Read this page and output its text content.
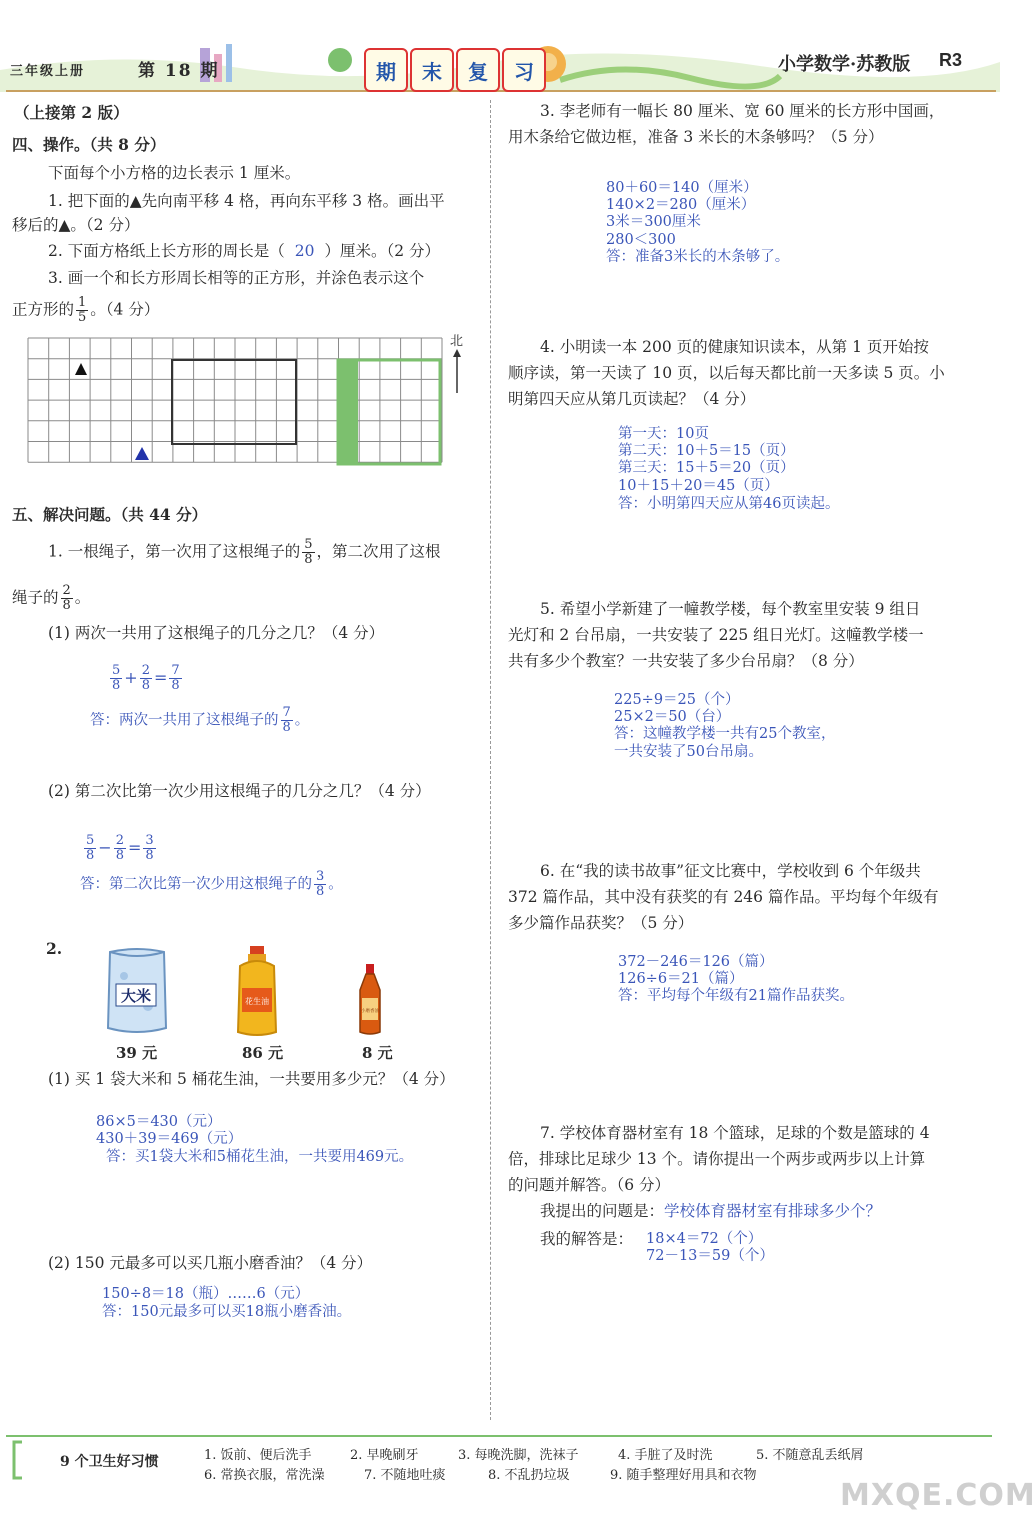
三年级上册	第 18 期	期	末	复	习	小学数学·苏教版 R3
（上接第 2 版）
四、操作。（共 8 分）
下面每个小方格的边长表示 1 厘米。
1. 把下面的▲先向南平移 4 格，再向东平移 3 格。画出平
移后的▲。（2 分）
2. 下面方格纸上长方形的周长是（ 20 ）厘米。（2 分）
3. 画一个和长方形周长相等的正方形，并涂色表示这个
正方形的 $\frac{1}{5}$ 。（4 分）
北
五、解决问题。（共 44 分）
1. 一根绳子，第一次用了这根绳子的 $\frac{5}{8}$ ，第二次用了这根
绳子的 $\frac{2}{8}$ 。
(1) 两次一共用了这根绳子的几分之几？（4 分）
$\frac{5}{8} + \frac{2}{8} = \frac{7}{8}$
答：两次一共用了这根绳子的 $\frac{7}{8}$ 。
(2) 第二次比第一次少用这根绳子的几分之几？（4 分）
$\frac{5}{8} - \frac{2}{8} = \frac{3}{8}$
答：第二次比第一次少用这根绳子的 $\frac{3}{8}$ 。
2.
大米	花生油
小磨香油
39 元	86 元	8 元
(1) 买 1 袋大米和 5 桶花生油，一共要用多少元？（4 分）
86×5＝430（元）
430＋39＝469（元）
答：买1袋大米和5桶花生油，一共要用469元。
(2) 150 元最多可以买几瓶小磨香油？（4 分）
150÷8＝18（瓶）……6（元）
答：150元最多可以买18瓶小磨香油。
3. 李老师有一幅长 80 厘米、宽 60 厘米的长方形中国画，
用木条给它做边框，准备 3 米长的木条够吗？（5 分）
80＋60＝140（厘米）
140×2＝280（厘米）
3米＝300厘米
280＜300
答：准备3米长的木条够了。
4. 小明读一本 200 页的健康知识读本，从第 1 页开始按
顺序读，第一天读了 10 页，以后每天都比前一天多读 5 页。小
明第四天应从第几页读起？（4 分）
第一天：10页
第二天：10＋5＝15（页）
第三天：15＋5＝20（页）
10＋15＋20＝45（页）
答：小明第四天应从第46页读起。
5. 希望小学新建了一幢教学楼，每个教室里安装 9 组日
光灯和 2 台吊扇，一共安装了 225 组日光灯。这幢教学楼一
共有多少个教室？一共安装了多少台吊扇？（8 分）
225÷9＝25（个）
25×2＝50（台）
答：这幢教学楼一共有25个教室，
一共安装了50台吊扇。
6. 在“我的读书故事”征文比赛中，学校收到 6 个年级共
372 篇作品，其中没有获奖的有 246 篇作品。平均每个年级有
多少篇作品获奖？（5 分）
372－246＝126（篇）
126÷6＝21（篇）
答：平均每个年级有21篇作品获奖。
7. 学校体育器材室有 18 个篮球，足球的个数是篮球的 4
倍，排球比足球少 13 个。请你提出一个两步或两步以上计算
的问题并解答。（6 分）
我提出的问题是：学校体育器材室有排球多少个？
我的解答是： 18×4＝72（个）
72－13＝59（个）
9 个卫生好习惯	1. 饭前、便后洗手	2. 早晚刷牙	3. 每晚洗脚，洗袜子	4. 手脏了及时洗	5. 不随意乱丢纸屑
6. 常换衣服，常洗澡	7. 不随地吐痰	8. 不乱扔垃圾	9. 随手整理好用具和衣物
MXQE.COM
